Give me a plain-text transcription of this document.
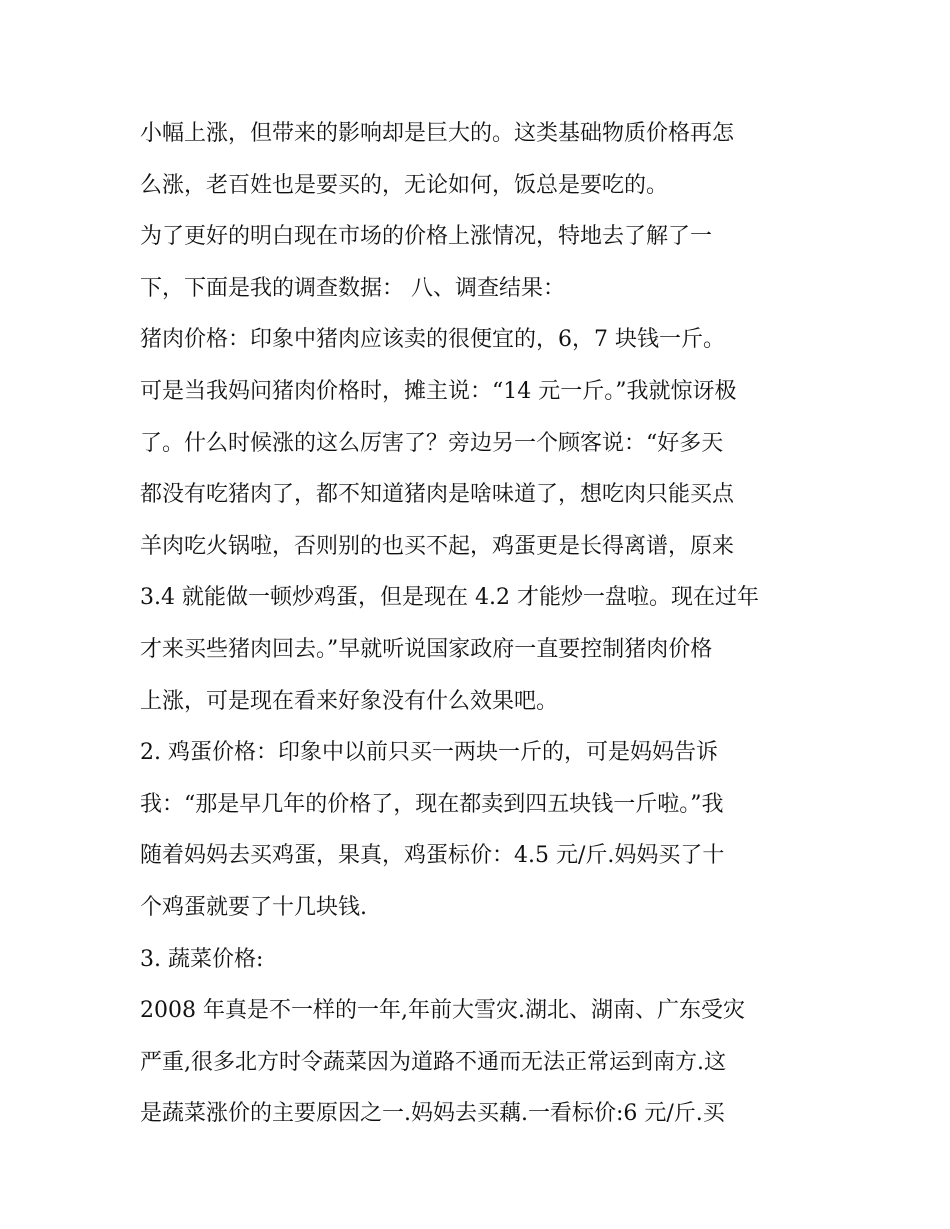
小幅上涨，但带来的影响却是巨大的。这类基础物质价格再怎
么涨，老百姓也是要买的，无论如何，饭总是要吃的。
为了更好的明白现在市场的价格上涨情况，特地去了解了一
下，下面是我的调查数据： 八、调查结果：
猪肉价格：印象中猪肉应该卖的很便宜的，6，7 块钱一斤。
可是当我妈问猪肉价格时，摊主说：“14 元一斤。”我就惊讶极
了。什么时候涨的这么厉害了？旁边另一个顾客说：“好多天
都没有吃猪肉了，都不知道猪肉是啥味道了，想吃肉只能买点
羊肉吃火锅啦，否则别的也买不起，鸡蛋更是长得离谱，原来
3.4 就能做一顿炒鸡蛋，但是现在 4.2 才能炒一盘啦。现在过年
才来买些猪肉回去。”早就听说国家政府一直要控制猪肉价格
上涨，可是现在看来好象没有什么效果吧。
2. 鸡蛋价格：印象中以前只买一两块一斤的，可是妈妈告诉
我：“那是早几年的价格了，现在都卖到四五块钱一斤啦。”我
随着妈妈去买鸡蛋，果真，鸡蛋标价：4.5 元/斤.妈妈买了十
个鸡蛋就要了十几块钱.
3. 蔬菜价格:
2008 年真是不一样的一年,年前大雪灾.湖北、湖南、广东受灾
严重,很多北方时令蔬菜因为道路不通而无法正常运到南方.这
是蔬菜涨价的主要原因之一.妈妈去买藕.一看标价:6 元/斤.买
